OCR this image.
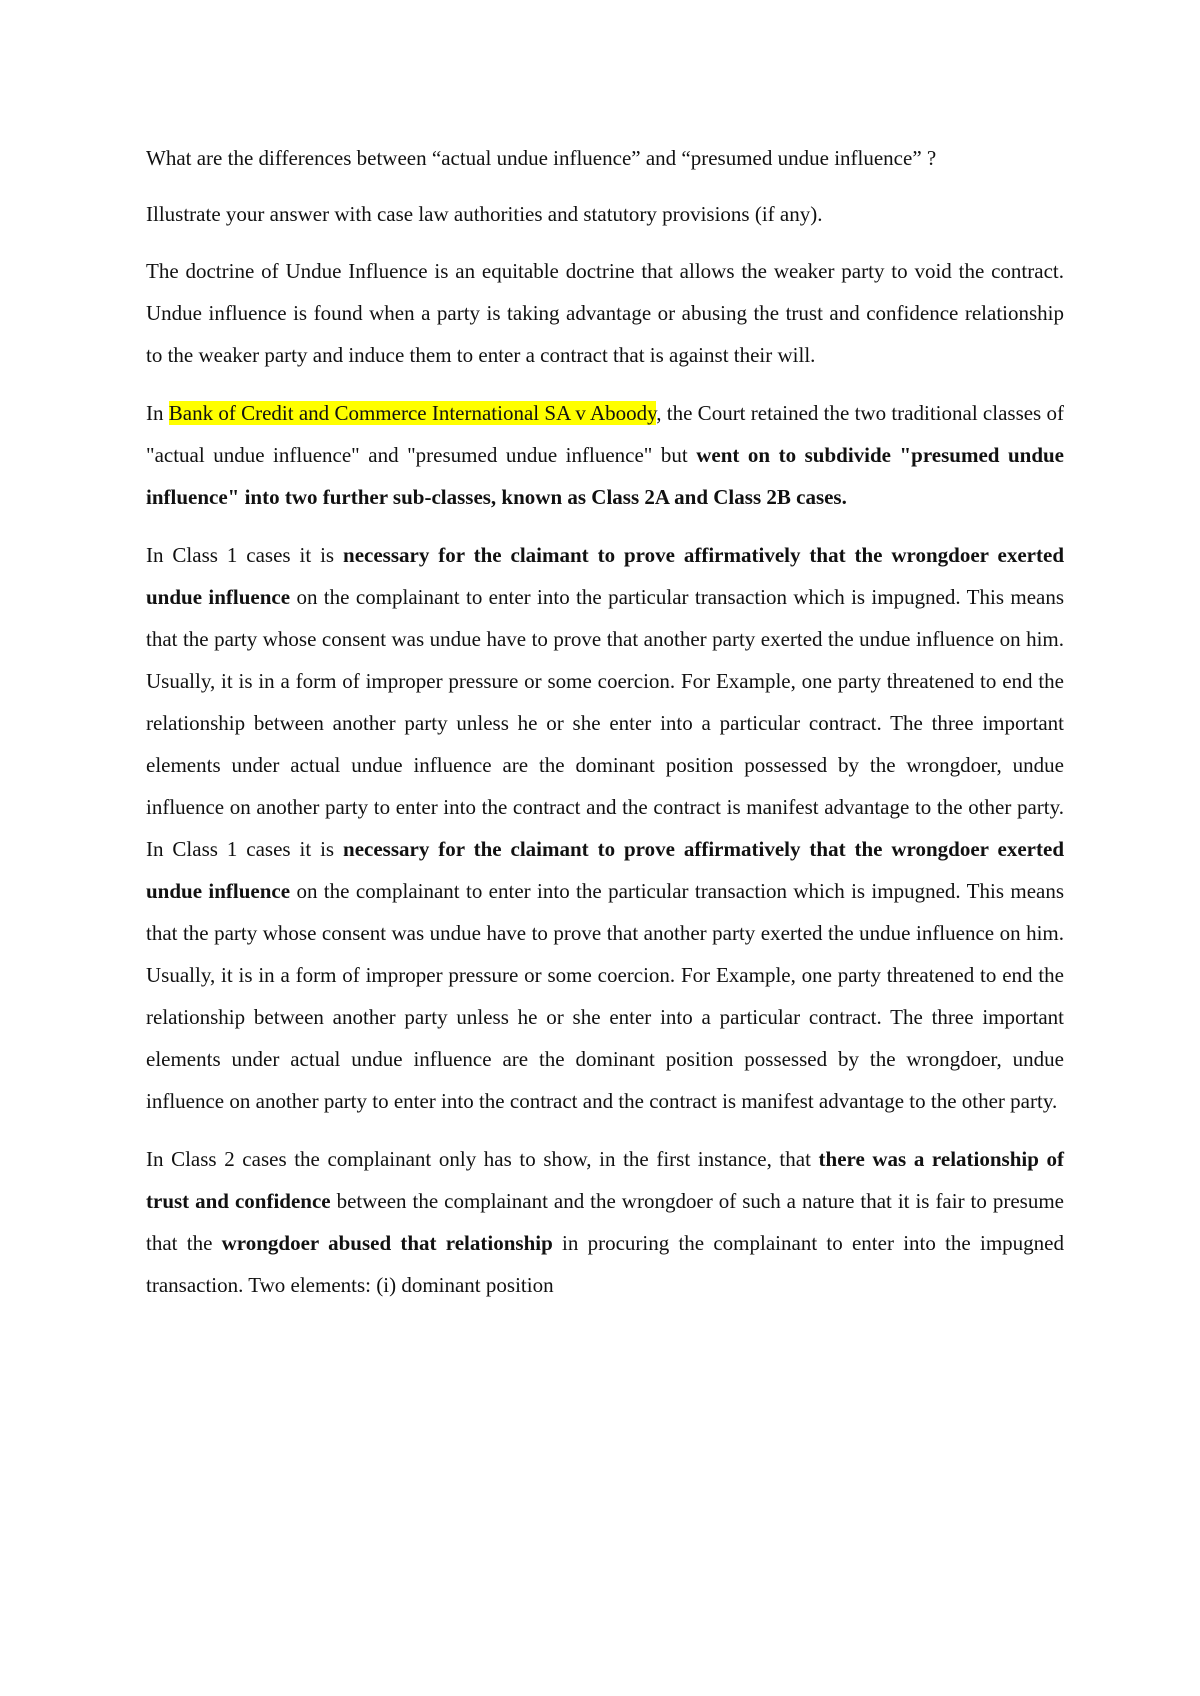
What are the differences between “actual undue influence” and “presumed undue influence” ?

Illustrate your answer with case law authorities and statutory provisions (if any).

The doctrine of Undue Influence is an equitable doctrine that allows the weaker party to void the contract. Undue influence is found when a party is taking advantage or abusing the trust and confidence relationship to the weaker party and induce them to enter a contract that is against their will.

In Bank of Credit and Commerce International SA v Aboody, the Court retained the two traditional classes of "actual undue influence" and "presumed undue influence" but went on to subdivide "presumed undue influence" into two further sub-classes, known as Class 2A and Class 2B cases.

In Class 1 cases it is necessary for the claimant to prove affirmatively that the wrongdoer exerted undue influence on the complainant to enter into the particular transaction which is impugned. This means that the party whose consent was undue have to prove that another party exerted the undue influence on him. Usually, it is in a form of improper pressure or some coercion. For Example, one party threatened to end the relationship between another party unless he or she enter into a particular contract. The three important elements under actual undue influence are the dominant position possessed by the wrongdoer, undue influence on another party to enter into the contract and the contract is manifest advantage to the other party. In Class 1 cases it is necessary for the claimant to prove affirmatively that the wrongdoer exerted undue influence on the complainant to enter into the particular transaction which is impugned. This means that the party whose consent was undue have to prove that another party exerted the undue influence on him. Usually, it is in a form of improper pressure or some coercion. For Example, one party threatened to end the relationship between another party unless he or she enter into a particular contract. The three important elements under actual undue influence are the dominant position possessed by the wrongdoer, undue influence on another party to enter into the contract and the contract is manifest advantage to the other party.

In Class 2 cases the complainant only has to show, in the first instance, that there was a relationship of trust and confidence between the complainant and the wrongdoer of such a nature that it is fair to presume that the wrongdoer abused that relationship in procuring the complainant to enter into the impugned transaction. Two elements: (i) dominant position
